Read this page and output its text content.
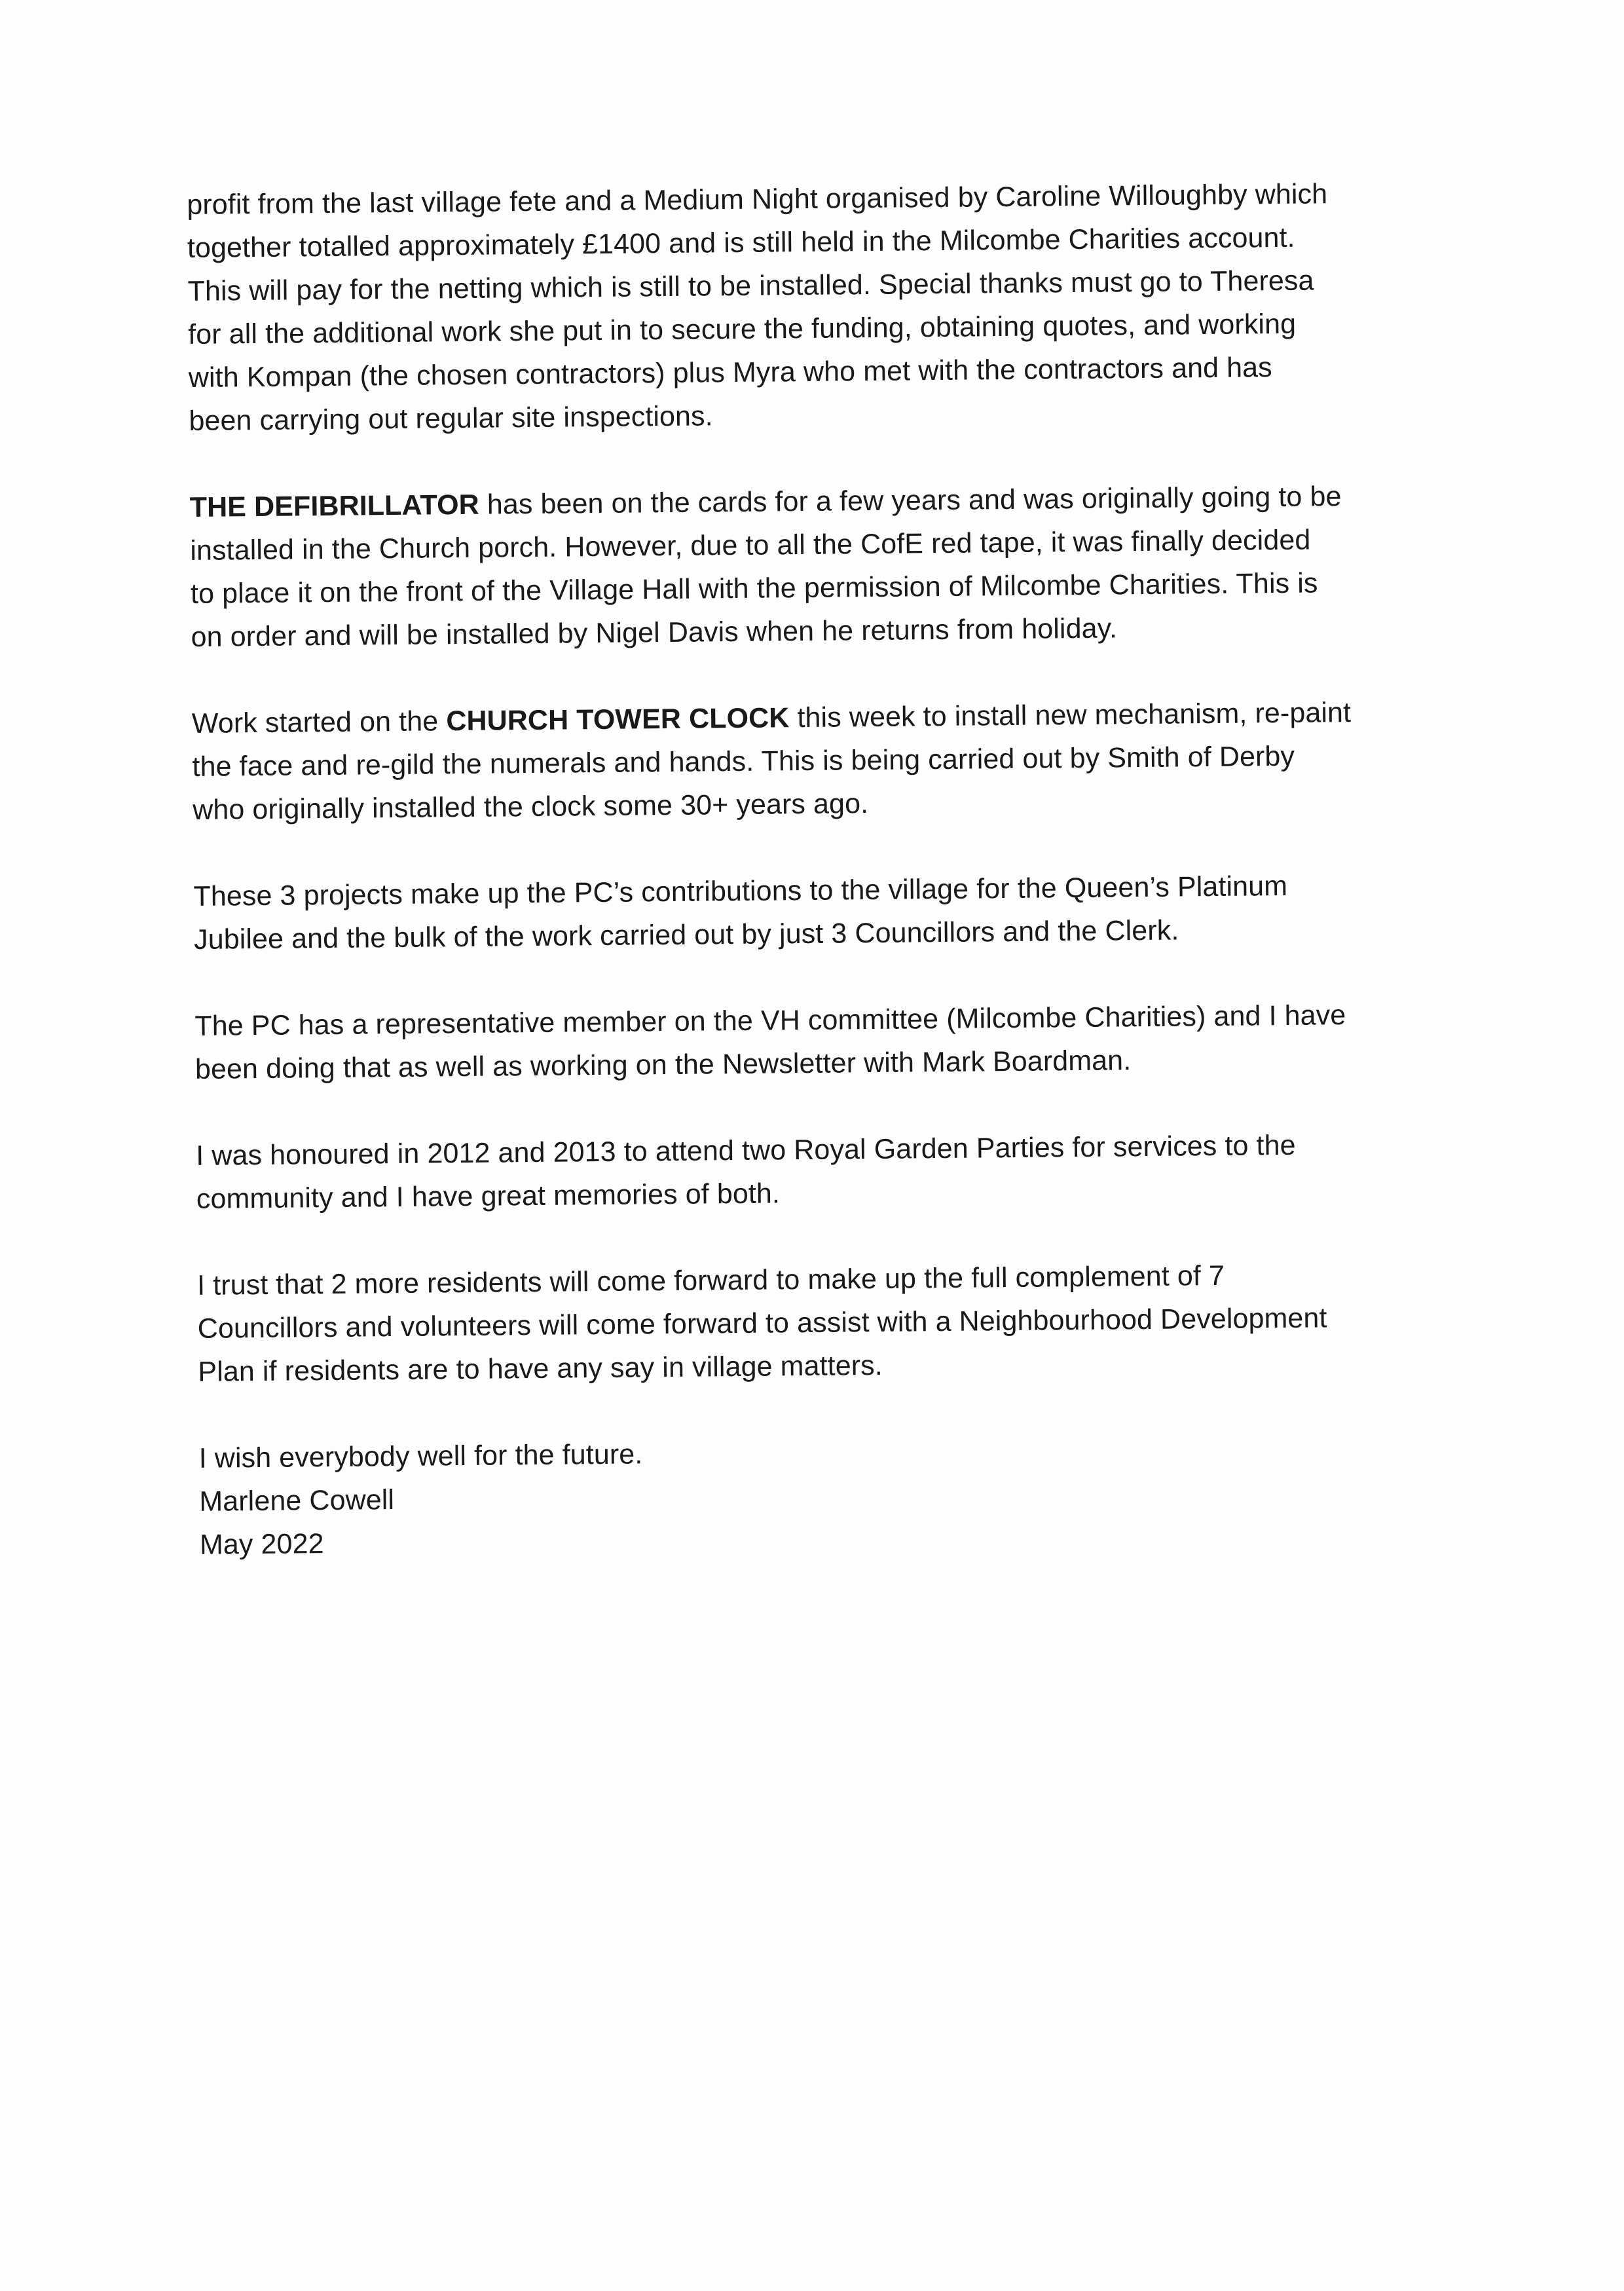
profit from the last village fete and a Medium Night organised by Caroline Willoughby which
together totalled approximately £1400 and is still held in the Milcombe Charities account.
This will pay for the netting which is still to be installed. Special thanks must go to Theresa
for all the additional work she put in to secure the funding, obtaining quotes, and working
with Kompan (the chosen contractors) plus Myra who met with the contractors and has
been carrying out regular site inspections.

THE DEFIBRILLATOR has been on the cards for a few years and was originally going to be
installed in the Church porch. However, due to all the CofE red tape, it was finally decided
to place it on the front of the Village Hall with the permission of Milcombe Charities. This is
on order and will be installed by Nigel Davis when he returns from holiday.

Work started on the CHURCH TOWER CLOCK this week to install new mechanism, re-paint
the face and re-gild the numerals and hands. This is being carried out by Smith of Derby
who originally installed the clock some 30+ years ago.

These 3 projects make up the PC’s contributions to the village for the Queen’s Platinum
Jubilee and the bulk of the work carried out by just 3 Councillors and the Clerk.

The PC has a representative member on the VH committee (Milcombe Charities) and I have
been doing that as well as working on the Newsletter with Mark Boardman.

I was honoured in 2012 and 2013 to attend two Royal Garden Parties for services to the
community and I have great memories of both.

I trust that 2 more residents will come forward to make up the full complement of 7
Councillors and volunteers will come forward to assist with a Neighbourhood Development
Plan if residents are to have any say in village matters.

I wish everybody well for the future.
Marlene Cowell
May 2022
